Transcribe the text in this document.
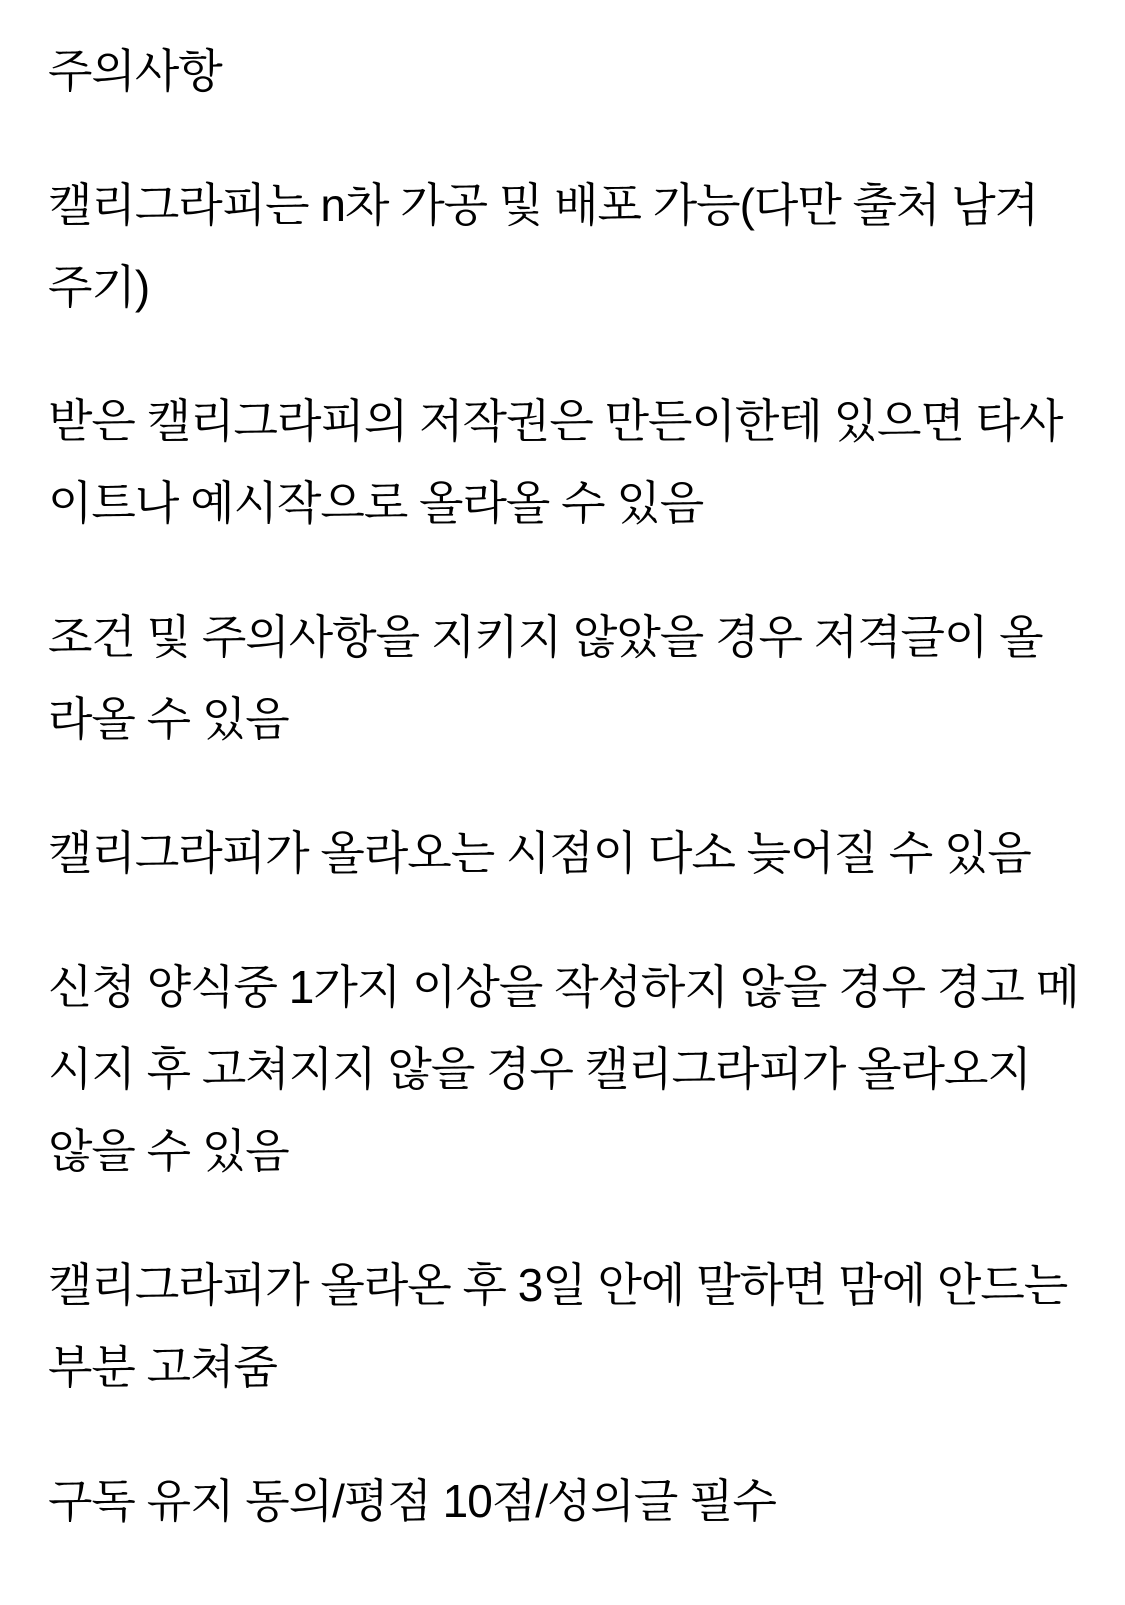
주의사항

캘리그라피는 n차 가공 및 배포 가능(다만 출처 남겨주기)

받은 캘리그라피의 저작권은 만든이한테 있으면 타사이트나 예시작으로 올라올 수 있음

조건 및 주의사항을 지키지 않았을 경우 저격글이 올라올 수 있음

캘리그라피가 올라오는 시점이 다소 늦어질 수 있음

신청 양식중 1가지 이상을 작성하지 않을 경우 경고 메시지 후 고쳐지지 않을 경우 캘리그라피가 올라오지 않을 수 있음

캘리그라피가 올라온 후 3일 안에 말하면 맘에 안드는 부분 고쳐줌

구독 유지 동의/평점 10점/성의글 필수
